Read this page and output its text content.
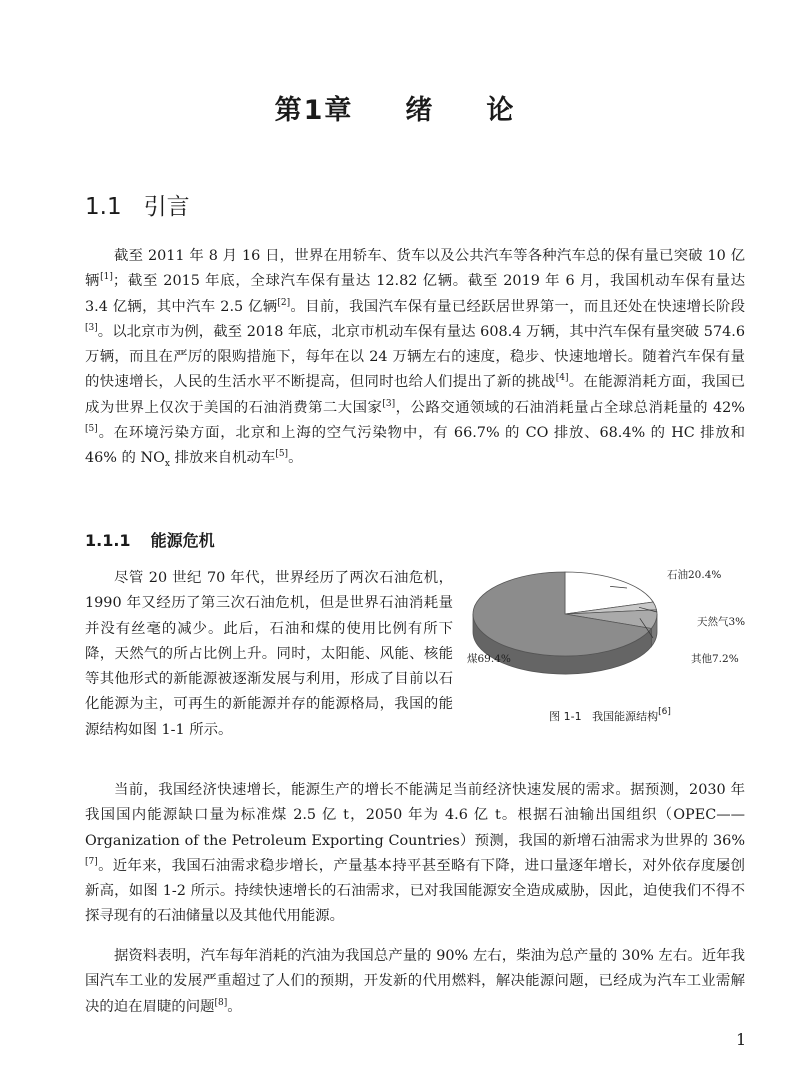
第1章 绪 论
1.1 引言

截至 2011 年 8 月 16 日，世界在用轿车、货车以及公共汽车等各种汽车总的保有量已突破 10 亿辆[1]；截至 2015 年底，全球汽车保有量达 12.82 亿辆。截至 2019 年 6 月，我国机动车保有量达 3.4 亿辆，其中汽车 2.5 亿辆[2]。目前，我国汽车保有量已经跃居世界第一，而且还处在快速增长阶段[3]。以北京市为例，截至 2018 年底，北京市机动车保有量达 608.4 万辆，其中汽车保有量突破 574.6 万辆，而且在严厉的限购措施下，每年在以 24 万辆左右的速度，稳步、快速地增长。随着汽车保有量的快速增长，人民的生活水平不断提高，但同时也给人们提出了新的挑战[4]。在能源消耗方面，我国已成为世界上仅次于美国的石油消费第二大国家[3]，公路交通领域的石油消耗量占全球总消耗量的 42%[5]。在环境污染方面，北京和上海的空气污染物中，有 66.7% 的 CO 排放、68.4% 的 HC 排放和 46% 的 $NO_x$ 排放来自机动车[5]。

1.1.1 能源危机

尽管 20 世纪 70 年代，世界经历了两次石油危机，1990 年又经历了第三次石油危机，但是世界石油消耗量并没有丝毫的减少。此后，石油和煤的使用比例有所下降，天然气的所占比例上升。同时，太阳能、风能、核能等其他形式的新能源被逐渐发展与利用，形成了目前以石化能源为主，可再生的新能源并存的能源格局，我国的能源结构如图 1-1 所示。

石油20.4%
天然气3%
其他7.2%
煤69.4%
图 1-1 我国能源结构[6]

当前，我国经济快速增长，能源生产的增长不能满足当前经济快速发展的需求。据预测，2030 年我国国内能源缺口量为标准煤 2.5 亿 t，2050 年为 4.6 亿 t。根据石油输出国组织（OPEC——Organization of the Petroleum Exporting Countries）预测，我国的新增石油需求为世界的 36%[7]。近年来，我国石油需求稳步增长，产量基本持平甚至略有下降，进口量逐年增长，对外依存度屡创新高，如图 1-2 所示。持续快速增长的石油需求，已对我国能源安全造成威胁，因此，迫使我们不得不探寻现有的石油储量以及其他代用能源。

据资料表明，汽车每年消耗的汽油为我国总产量的 90% 左右，柴油为总产量的 30% 左右。近年我国汽车工业的发展严重超过了人们的预期，开发新的代用燃料，解决能源问题，已经成为汽车工业需解决的迫在眉睫的问题[8]。

1
